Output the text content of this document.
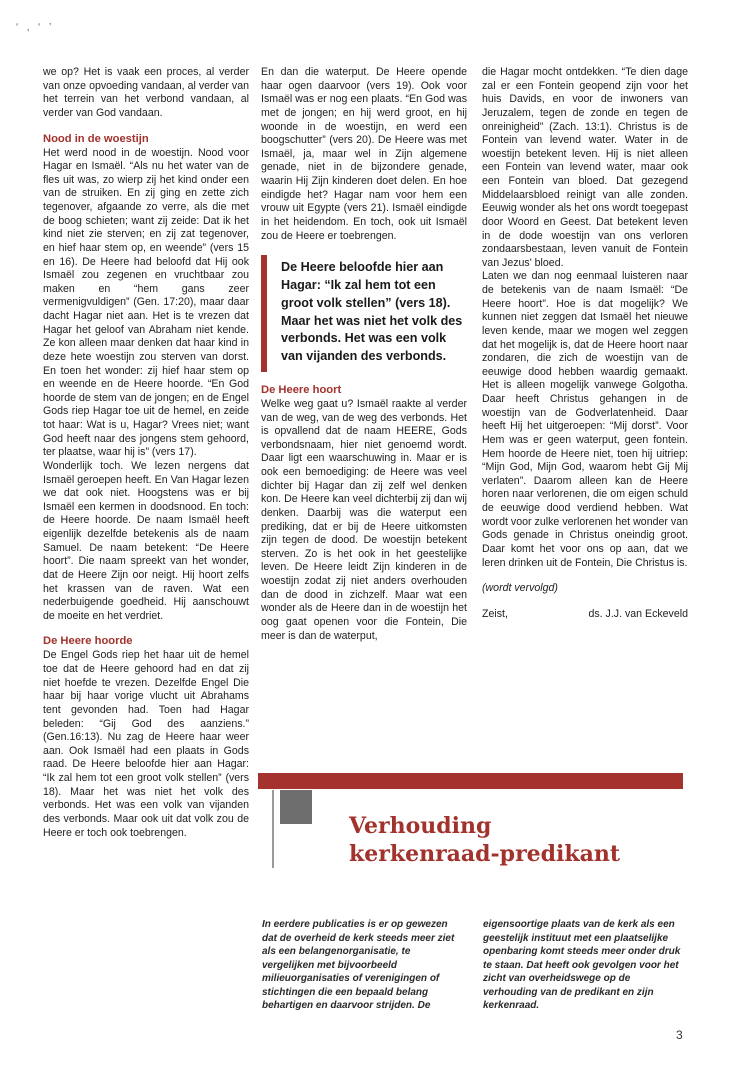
‘ ‚ ‘ ’

we op? Het is vaak een proces, al verder van onze opvoeding vandaan, al verder van het terrein van het verbond vandaan, al verder van God vandaan.

Nood in de woestijn

Het werd nood in de woestijn. Nood voor Hagar en Ismaël. “Als nu het water van de fles uit was, zo wierp zij het kind onder een van de struiken. En zij ging en zette zich tegenover, afgaande zo verre, als die met de boog schieten; want zij zeide: Dat ik het kind niet zie sterven; en zij zat tegenover, en hief haar stem op, en weende” (vers 15 en 16). De Heere had beloofd dat Hij ook Ismaël zou zegenen en vruchtbaar zou maken en “hem gans zeer vermenigvuldigen” (Gen. 17:20), maar daar dacht Hagar niet aan. Het is te vrezen dat Hagar het geloof van Abraham niet kende. Ze kon alleen maar denken dat haar kind in deze hete woestijn zou sterven van dorst. En toen het wonder: zij hief haar stem op en weende en de Heere hoorde. “En God hoorde de stem van de jongen; en de Engel Gods riep Hagar toe uit de hemel, en zeide tot haar: Wat is u, Hagar? Vrees niet; want God heeft naar des jongens stem gehoord, ter plaatse, waar hij is” (vers 17).

Wonderlijk toch. We lezen nergens dat Ismaël geroepen heeft. En Van Hagar lezen we dat ook niet. Hoogstens was er bij Ismaël een kermen in doodsnood. En toch: de Heere hoorde. De naam Ismaël heeft eigenlijk dezelfde betekenis als de naam Samuel. De naam betekent: “De Heere hoort”. Die naam spreekt van het wonder, dat de Heere Zijn oor neigt. Hij hoort zelfs het krassen van de raven. Wat een nederbuigende goedheid. Hij aanschouwt de moeite en het verdriet.

De Heere hoorde

De Engel Gods riep het haar uit de hemel toe dat de Heere gehoord had en dat zij niet hoefde te vrezen. Dezelfde Engel Die haar bij haar vorige vlucht uit Abrahams tent gevonden had. Toen had Hagar beleden: “Gij God des aanziens.” (Gen.16:13). Nu zag de Heere haar weer aan. Ook Ismaël had een plaats in Gods raad. De Heere beloofde hier aan Hagar: “Ik zal hem tot een groot volk stellen” (vers 18). Maar het was niet het volk des verbonds. Het was een volk van vijanden des verbonds. Maar ook uit dat volk zou de Heere er toch ook toebrengen.

En dan die waterput. De Heere opende haar ogen daarvoor (vers 19). Ook voor Ismaël was er nog een plaats. “En God was met de jongen; en hij werd groot, en hij woonde in de woestijn, en werd een boogschutter” (vers 20). De Heere was met Ismaël, ja, maar wel in Zijn algemene genade, niet in de bijzondere genade, waarin Hij Zijn kinderen doet delen. En hoe eindigde het? Hagar nam voor hem een vrouw uit Egypte (vers 21). Ismaël eindigde in het heidendom. En toch, ook uit Ismaël zou de Heere er toebrengen.

De Heere beloofde hier aan Hagar: “Ik zal hem tot een groot volk stellen” (vers 18). Maar het was niet het volk des verbonds. Het was een volk van vijanden des verbonds.
De Heere hoort

Welke weg gaat u? Ismaël raakte al verder van de weg, van de weg des verbonds. Het is opvallend dat de naam HEERE, Gods verbondsnaam, hier niet genoemd wordt. Daar ligt een waarschuwing in. Maar er is ook een bemoediging: de Heere was veel dichter bij Hagar dan zij zelf wel denken kon. De Heere kan veel dichterbij zij dan wij denken. Daarbij was die waterput een prediking, dat er bij de Heere uitkomsten zijn tegen de dood. De woestijn betekent sterven. Zo is het ook in het geestelijke leven. De Heere leidt Zijn kinderen in de woestijn zodat zij niet anders overhouden dan de dood in zichzelf. Maar wat een wonder als de Heere dan in de woestijn het oog gaat openen voor die Fontein, Die meer is dan de waterput,

die Hagar mocht ontdekken. “Te dien dage zal er een Fontein geopend zijn voor het huis Davids, en voor de inwoners van Jeruzalem, tegen de zonde en tegen de onreinigheid” (Zach. 13:1). Christus is de Fontein van levend water. Water in de woestijn betekent leven. Hij is niet alleen een Fontein van levend water, maar ook een Fontein van bloed. Dat gezegend Middelaarsbloed reinigt van alle zonden. Eeuwig wonder als het ons wordt toegepast door Woord en Geest. Dat betekent leven in de dode woestijn van ons verloren zondaarsbestaan, leven vanuit de Fontein van Jezus' bloed.

Laten we dan nog eenmaal luisteren naar de betekenis van de naam Ismaël: “De Heere hoort”. Hoe is dat mogelijk? We kunnen niet zeggen dat Ismaël het nieuwe leven kende, maar we mogen wel zeggen dat het mogelijk is, dat de Heere hoort naar zondaren, die zich de woestijn van de eeuwige dood hebben waardig gemaakt. Het is alleen mogelijk vanwege Golgotha. Daar heeft Christus gehangen in de woestijn van de Godverlatenheid. Daar heeft Hij het uitgeroepen: “Mij dorst”. Voor Hem was er geen waterput, geen fontein. Hem hoorde de Heere niet, toen hij uitriep: “Mijn God, Mijn God, waarom hebt Gij Mij verlaten”. Daarom alleen kan de Heere horen naar verlorenen, die om eigen schuld de eeuwige dood verdiend hebben. Wat wordt voor zulke verlorenen het wonder van Gods genade in Christus oneindig groot. Daar komt het voor ons op aan, dat we leren drinken uit de Fontein, Die Christus is.

(wordt vervolgd)

Zeist,	ds. J.J. van Eckeveld

Verhouding
kerkenraad-predikant

In eerdere publicaties is er op gewezen dat de overheid de kerk steeds meer ziet als een belangenorganisatie, te vergelijken met bijvoorbeeld milieuorganisaties of verenigingen of stichtingen die een bepaald belang behartigen en daarvoor strijden. De

eigensoortige plaats van de kerk als een geestelijk instituut met een plaatselijke openbaring komt steeds meer onder druk te staan. Dat heeft ook gevolgen voor het zicht van overheidswege op de verhouding van de predikant en zijn kerkenraad.

3
